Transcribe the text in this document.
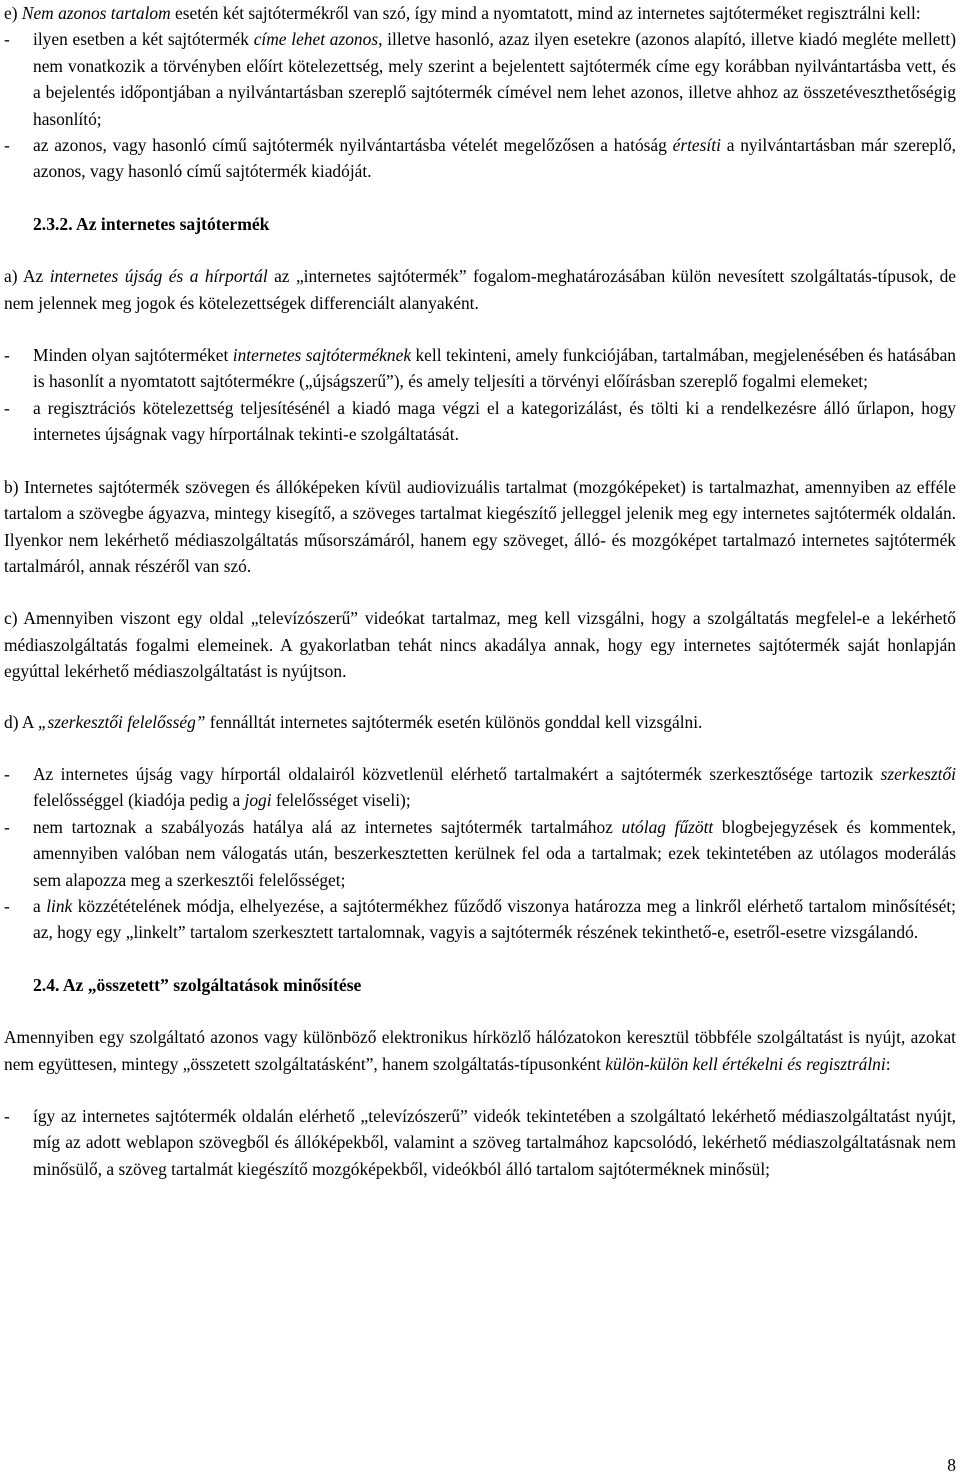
e) Nem azonos tartalom esetén két sajtótermékről van szó, így mind a nyomtatott, mind az internetes sajtóterméket regisztrálni kell:

- ilyen esetben a két sajtótermék címe lehet azonos, illetve hasonló, azaz ilyen esetekre (azonos alapító, illetve kiadó megléte mellett) nem vonatkozik a törvényben előírt kötelezettség, mely szerint a bejelentett sajtótermék címe egy korábban nyilvántartásba vett, és a bejelentés időpontjában a nyilvántartásban szereplő sajtótermék címével nem lehet azonos, illetve ahhoz az összetéveszthetőségig hasonlító;

- az azonos, vagy hasonló című sajtótermék nyilvántartásba vételét megelőzősen a hatóság értesíti a nyilvántartásban már szereplő, azonos, vagy hasonló című sajtótermék kiadóját.

2.3.2. Az internetes sajtótermék

a) Az internetes újság és a hírportál az „internetes sajtótermék” fogalom-meghatározásában külön nevesített szolgáltatás-típusok, de nem jelennek meg jogok és kötelezettségek differenciált alanyaként.

- Minden olyan sajtóterméket internetes sajtóterméknek kell tekinteni, amely funkciójában, tartalmában, megjelenésében és hatásában is hasonlít a nyomtatott sajtótermékre („újságszerű”), és amely teljesíti a törvényi előírásban szereplő fogalmi elemeket;

- a regisztrációs kötelezettség teljesítésénél a kiadó maga végzi el a kategorizálást, és tölti ki a rendelkezésre álló űrlapon, hogy internetes újságnak vagy hírportálnak tekinti-e szolgáltatását.

b) Internetes sajtótermék szövegen és állóképeken kívül audiovizuális tartalmat (mozgóképeket) is tartalmazhat, amennyiben az efféle tartalom a szövegbe ágyazva, mintegy kisegítő, a szöveges tartalmat kiegészítő jelleggel jelenik meg egy internetes sajtótermék oldalán. Ilyenkor nem lekérhető médiaszolgáltatás műsorszámáról, hanem egy szöveget, álló- és mozgóképet tartalmazó internetes sajtótermék tartalmáról, annak részéről van szó.

c) Amennyiben viszont egy oldal „televízószerű” videókat tartalmaz, meg kell vizsgálni, hogy a szolgáltatás megfelel-e a lekérhető médiaszolgáltatás fogalmi elemeinek. A gyakorlatban tehát nincs akadálya annak, hogy egy internetes sajtótermék saját honlapján egyúttal lekérhető médiaszolgáltatást is nyújtson.

d) A „szerkesztői felelősség” fennálltát internetes sajtótermék esetén különös gonddal kell vizsgálni.

- Az internetes újság vagy hírportál oldalairól közvetlenül elérhető tartalmakért a sajtótermék szerkesztősége tartozik szerkesztői felelősséggel (kiadója pedig a jogi felelősséget viseli);

- nem tartoznak a szabályozás hatálya alá az internetes sajtótermék tartalmához utólag fűzött blogbejegyzések és kommentek, amennyiben valóban nem válogatás után, beszerkesztetten kerülnek fel oda a tartalmak; ezek tekintetében az utólagos moderálás sem alapozza meg a szerkesztői felelősséget;

- a link közzétételének módja, elhelyezése, a sajtótermékhez fűződő viszonya határozza meg a linkről elérhető tartalom minősítését; az, hogy egy „linkelt” tartalom szerkesztett tartalomnak, vagyis a sajtótermék részének tekinthető-e, esetről-esetre vizsgálandó.

2.4. Az „összetett” szolgáltatások minősítése

Amennyiben egy szolgáltató azonos vagy különböző elektronikus hírközlő hálózatokon keresztül többféle szolgáltatást is nyújt, azokat nem együttesen, mintegy „összetett szolgáltatásként”, hanem szolgáltatás-típusonként külön-külön kell értékelni és regisztrálni:

- így az internetes sajtótermék oldalán elérhető „televízószerű” videók tekintetében a szolgáltató lekérhető médiaszolgáltatást nyújt, míg az adott weblapon szövegből és állóképekből, valamint a szöveg tartalmához kapcsolódó, lekérhető médiaszolgáltatásnak nem minősülő, a szöveg tartalmát kiegészítő mozgóképekből, videókból álló tartalom sajtóterméknek minősül;

8
